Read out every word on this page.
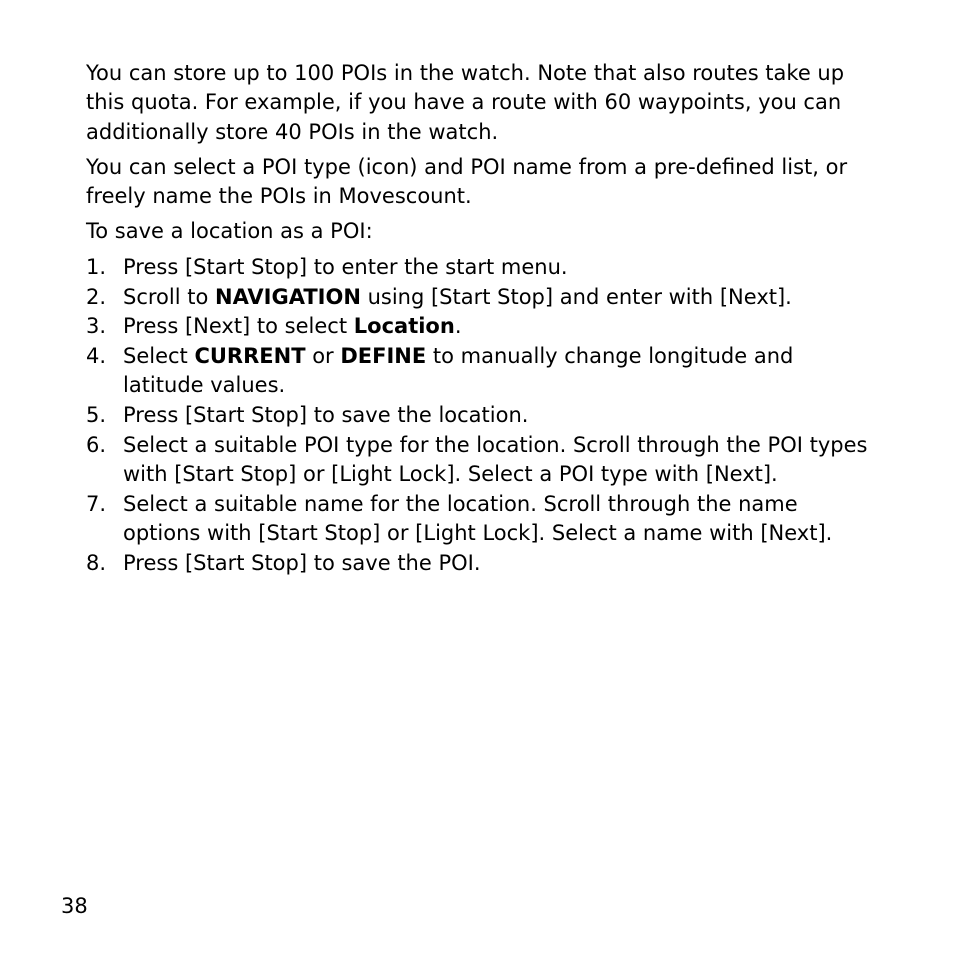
You can store up to 100 POIs in the watch. Note that also routes take up this quota. For example, if you have a route with 60 waypoints, you can additionally store 40 POIs in the watch.

You can select a POI type (icon) and POI name from a pre-defined list, or freely name the POIs in Movescount.

To save a location as a POI:

1. Press [Start Stop] to enter the start menu.
2. Scroll to NAVIGATION using [Start Stop] and enter with [Next].
3. Press [Next] to select Location.
4. Select CURRENT or DEFINE to manually change longitude and latitude values.
5. Press [Start Stop] to save the location.
6. Select a suitable POI type for the location. Scroll through the POI types with [Start Stop] or [Light Lock]. Select a POI type with [Next].
7. Select a suitable name for the location. Scroll through the name options with [Start Stop] or [Light Lock]. Select a name with [Next].
8. Press [Start Stop] to save the POI.
38
